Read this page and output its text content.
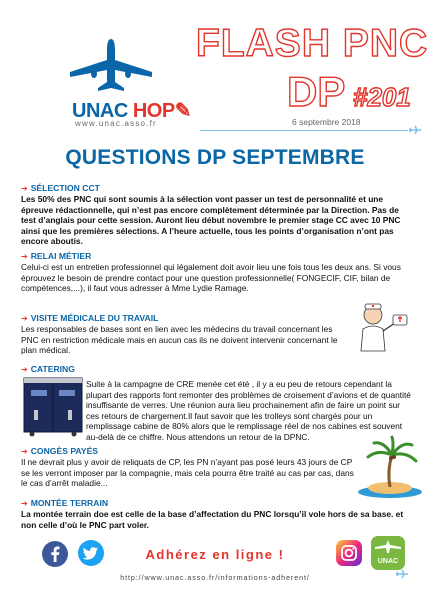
UNAC HOP✎
www.unac.asso.fr
FLASH PNC
DP #201
6 septembre 2018
QUESTIONS DP SEPTEMBRE
➔ SÉLECTION CCT
Les 50% des PNC qui sont soumis à la sélection vont passer un test de personnalité et une épreuve rédactionnelle, qui n’est pas encore complètement déterminée par la Direction. Pas de test d’anglais pour cette session. Auront lieu début novembre le premier stage CC avec 10 PNC ainsi que les premières sélections. A l’heure actuelle, tous les points d’organisation n’ont pas encore aboutis.
➔ RELAI MÉTIER
Celui-ci est un entretien professionnel qui légalement doit avoir lieu une fois tous les deux ans. Si vous éprouvez le besoin de prendre contact pour une question professionnelle( FONGECIF, CIF, bilan de compétences,...), il faut vous adresser à Mme Lydie Ramage.
➔ VISITE MÉDICALE DU TRAVAIL
Les responsables de bases sont en lien avec les médecins du travail concernant les PNC en restriction médicale mais en aucun cas ils ne doivent intervenir concernant le plan médical.
➔ CATERING
Suite à la campagne de CRE menée cet été , il y a eu peu de retours cependant la plupart des rapports font remonter des problèmes de croisement d’avions et de quantité insuffisante de verres. Une réunion aura lieu prochainement afin de faire un point sur ces retours de chargement.Il faut savoir que les trolleys sont chargés pour un remplissage cabine de 80% alors que le remplissage réel de nos cabines est souvent au-delà de ce chiffre. Nous attendons un retour de la DPNC.
➔ CONGÈS PAYÉS
Il ne devrait plus y avoir de reliquats de CP, les PN n’ayant pas posé leurs 43 jours de CP se les verront imposer par la compagnie, mais cela pourra être traité au cas par cas, dans le cas d’arrêt maladie...
➔ MONTÉE TERRAIN
La montée terrain doe est celle de la base d’affectation du PNC lorsqu’il vole hors de sa base. et non celle d’où le PNC part voler.
Adhérez en ligne !	UNAC
http://www.unac.asso.fr/informations-adherent/
